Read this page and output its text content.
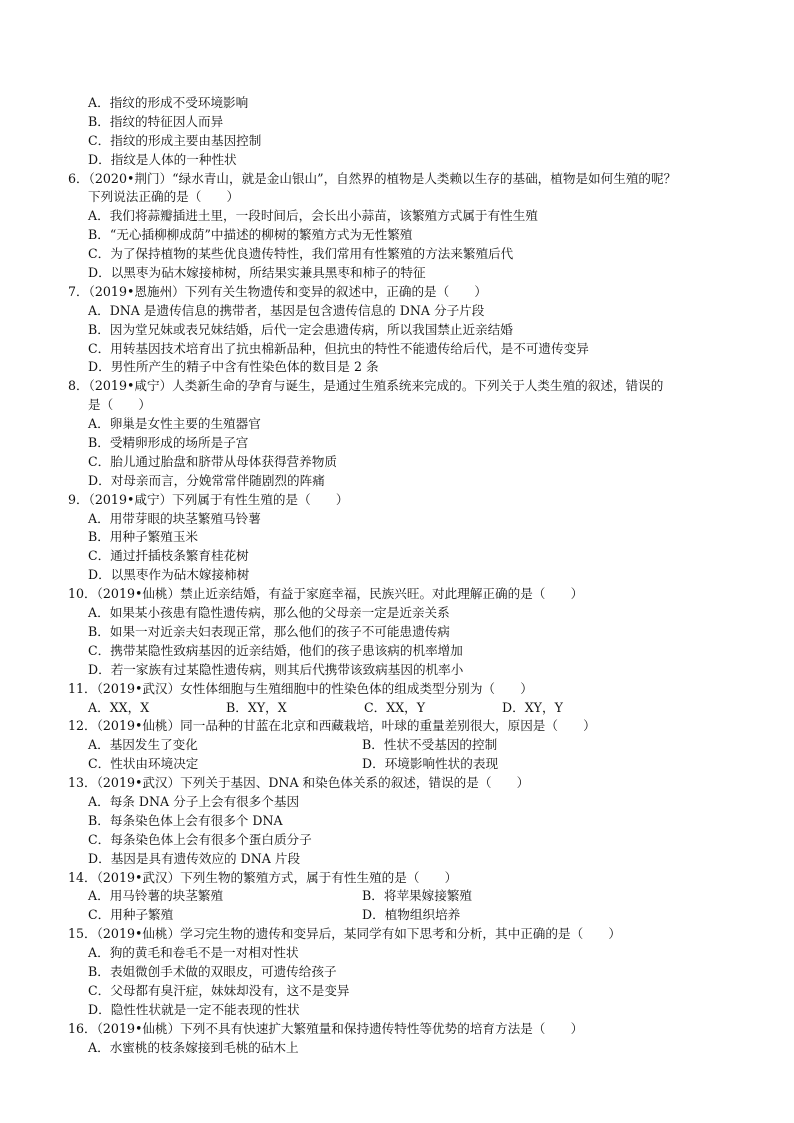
A．指纹的形成不受环境影响
B．指纹的特征因人而异
C．指纹的形成主要由基因控制
D．指纹是人体的一种性状
6．（2020•荆门）“绿水青山，就是金山银山”，自然界的植物是人类赖以生存的基础，植物是如何生殖的呢？
下列说法正确的是（　　）
A．我们将蒜瓣插进土里，一段时间后，会长出小蒜苗，该繁殖方式属于有性生殖
B．“无心插柳柳成荫”中描述的柳树的繁殖方式为无性繁殖
C．为了保持植物的某些优良遗传特性，我们常用有性繁殖的方法来繁殖后代
D．以黑枣为砧木嫁接柿树，所结果实兼具黑枣和柿子的特征
7．（2019•恩施州）下列有关生物遗传和变异的叙述中，正确的是（　　）
A．DNA 是遗传信息的携带者，基因是包含遗传信息的 DNA 分子片段
B．因为堂兄妹或表兄妹结婚，后代一定会患遗传病，所以我国禁止近亲结婚
C．用转基因技术培育出了抗虫棉新品种，但抗虫的特性不能遗传给后代，是不可遗传变异
D．男性所产生的精子中含有性染色体的数目是 2 条
8．（2019•咸宁）人类新生命的孕育与诞生，是通过生殖系统来完成的。下列关于人类生殖的叙述，错误的
是（　　）
A．卵巢是女性主要的生殖器官
B．受精卵形成的场所是子宫
C．胎儿通过胎盘和脐带从母体获得营养物质
D．对母亲而言，分娩常常伴随剧烈的阵痛
9．（2019•咸宁）下列属于有性生殖的是（　　）
A．用带芽眼的块茎繁殖马铃薯
B．用种子繁殖玉米
C．通过扦插枝条繁育桂花树
D．以黑枣作为砧木嫁接柿树
10．（2019•仙桃）禁止近亲结婚，有益于家庭幸福，民族兴旺。对此理解正确的是（　　）
A．如果某小孩患有隐性遗传病，那么他的父母亲一定是近亲关系
B．如果一对近亲夫妇表现正常，那么他们的孩子不可能患遗传病
C．携带某隐性致病基因的近亲结婚，他们的孩子患该病的机率增加
D．若一家族有过某隐性遗传病，则其后代携带该致病基因的机率小
11．（2019•武汉）女性体细胞与生殖细胞中的性染色体的组成类型分别为（　　）
A．XX，X	B．XY，X	C．XX，Y	D．XY，Y
12．（2019•仙桃）同一品种的甘蓝在北京和西藏栽培，叶球的重量差别很大，原因是（　　）
A．基因发生了变化	B．性状不受基因的控制
C．性状由环境决定	D．环境影响性状的表现
13．（2019•武汉）下列关于基因、DNA 和染色体关系的叙述，错误的是（　　）
A．每条 DNA 分子上会有很多个基因
B．每条染色体上会有很多个 DNA
C．每条染色体上会有很多个蛋白质分子
D．基因是具有遗传效应的 DNA 片段
14．（2019•武汉）下列生物的繁殖方式，属于有性生殖的是（　　）
A．用马铃薯的块茎繁殖	B．将苹果嫁接繁殖
C．用种子繁殖	D．植物组织培养
15．（2019•仙桃）学习完生物的遗传和变异后，某同学有如下思考和分析，其中正确的是（　　）
A．狗的黄毛和卷毛不是一对相对性状
B．表姐微创手术做的双眼皮，可遗传给孩子
C．父母都有臭汗症，妹妹却没有，这不是变异
D．隐性性状就是一定不能表现的性状
16．（2019•仙桃）下列不具有快速扩大繁殖量和保持遗传特性等优势的培育方法是（　　）
A．水蜜桃的枝条嫁接到毛桃的砧木上
